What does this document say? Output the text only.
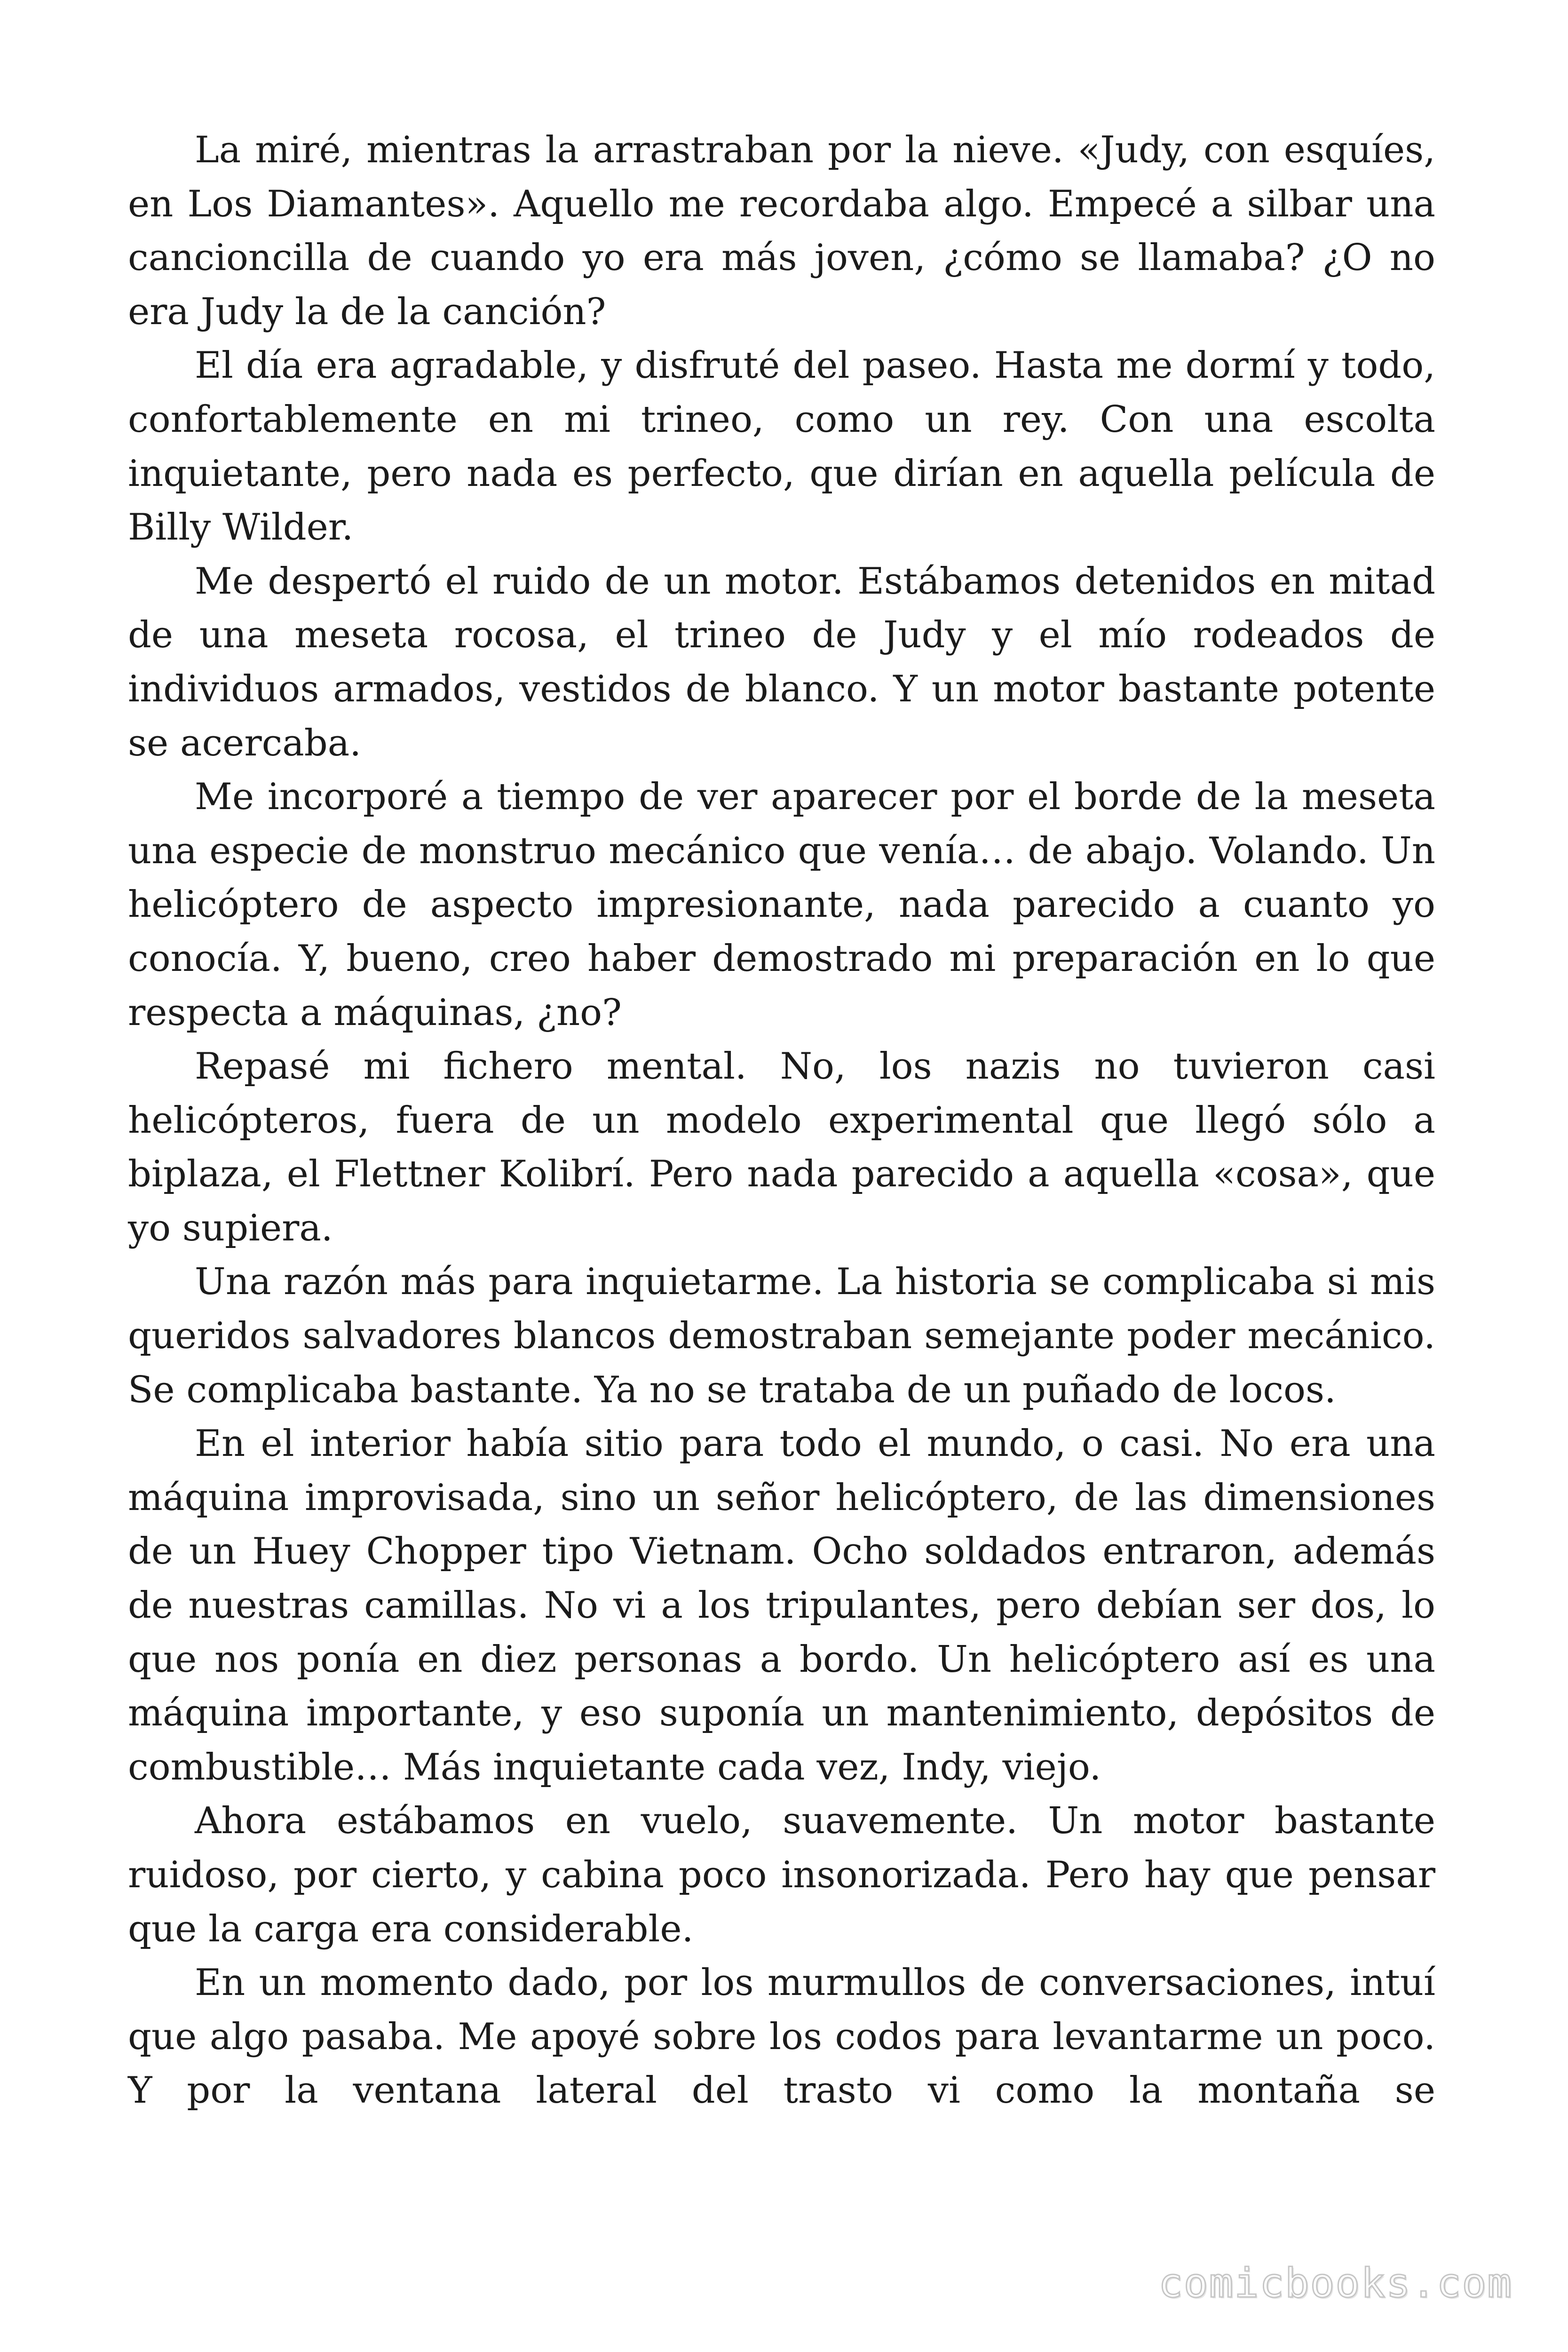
La miré, mientras la arrastraban por la nieve. «Judy, con esquíes, en Los Diamantes». Aquello me recordaba algo. Empecé a silbar una cancioncilla de cuando yo era más joven, ¿cómo se llamaba? ¿O no era Judy la de la canción?

El día era agradable, y disfruté del paseo. Hasta me dormí y todo, confortablemente en mi trineo, como un rey. Con una escolta inquietante, pero nada es perfecto, que dirían en aquella película de Billy Wilder.

Me despertó el ruido de un motor. Estábamos detenidos en mitad de una meseta rocosa, el trineo de Judy y el mío rodeados de individuos armados, vestidos de blanco. Y un motor bastante potente se acercaba.

Me incorporé a tiempo de ver aparecer por el borde de la meseta una especie de monstruo mecánico que venía… de abajo. Volando. Un helicóptero de aspecto impresionante, nada parecido a cuanto yo conocía. Y, bueno, creo haber demostrado mi preparación en lo que respecta a máquinas, ¿no?

Repasé mi fichero mental. No, los nazis no tuvieron casi helicópteros, fuera de un modelo experimental que llegó sólo a biplaza, el Flettner Kolibrí. Pero nada parecido a aquella «cosa», que yo supiera.

Una razón más para inquietarme. La historia se complicaba si mis queridos salvadores blancos demostraban semejante poder mecánico. Se complicaba bastante. Ya no se trataba de un puñado de locos.

En el interior había sitio para todo el mundo, o casi. No era una máquina improvisada, sino un señor helicóptero, de las dimensiones de un Huey Chopper tipo Vietnam. Ocho soldados entraron, además de nuestras camillas. No vi a los tripulantes, pero debían ser dos, lo que nos ponía en diez personas a bordo. Un helicóptero así es una máquina importante, y eso suponía un mantenimiento, depósitos de combustible… Más inquietante cada vez, Indy, viejo.

Ahora estábamos en vuelo, suavemente. Un motor bastante ruidoso, por cierto, y cabina poco insonorizada. Pero hay que pensar que la carga era considerable.

En un momento dado, por los murmullos de conversaciones, intuí que algo pasaba. Me apoyé sobre los codos para levantarme un poco. Y por la ventana lateral del trasto vi como la montaña se

comicbooks.com
